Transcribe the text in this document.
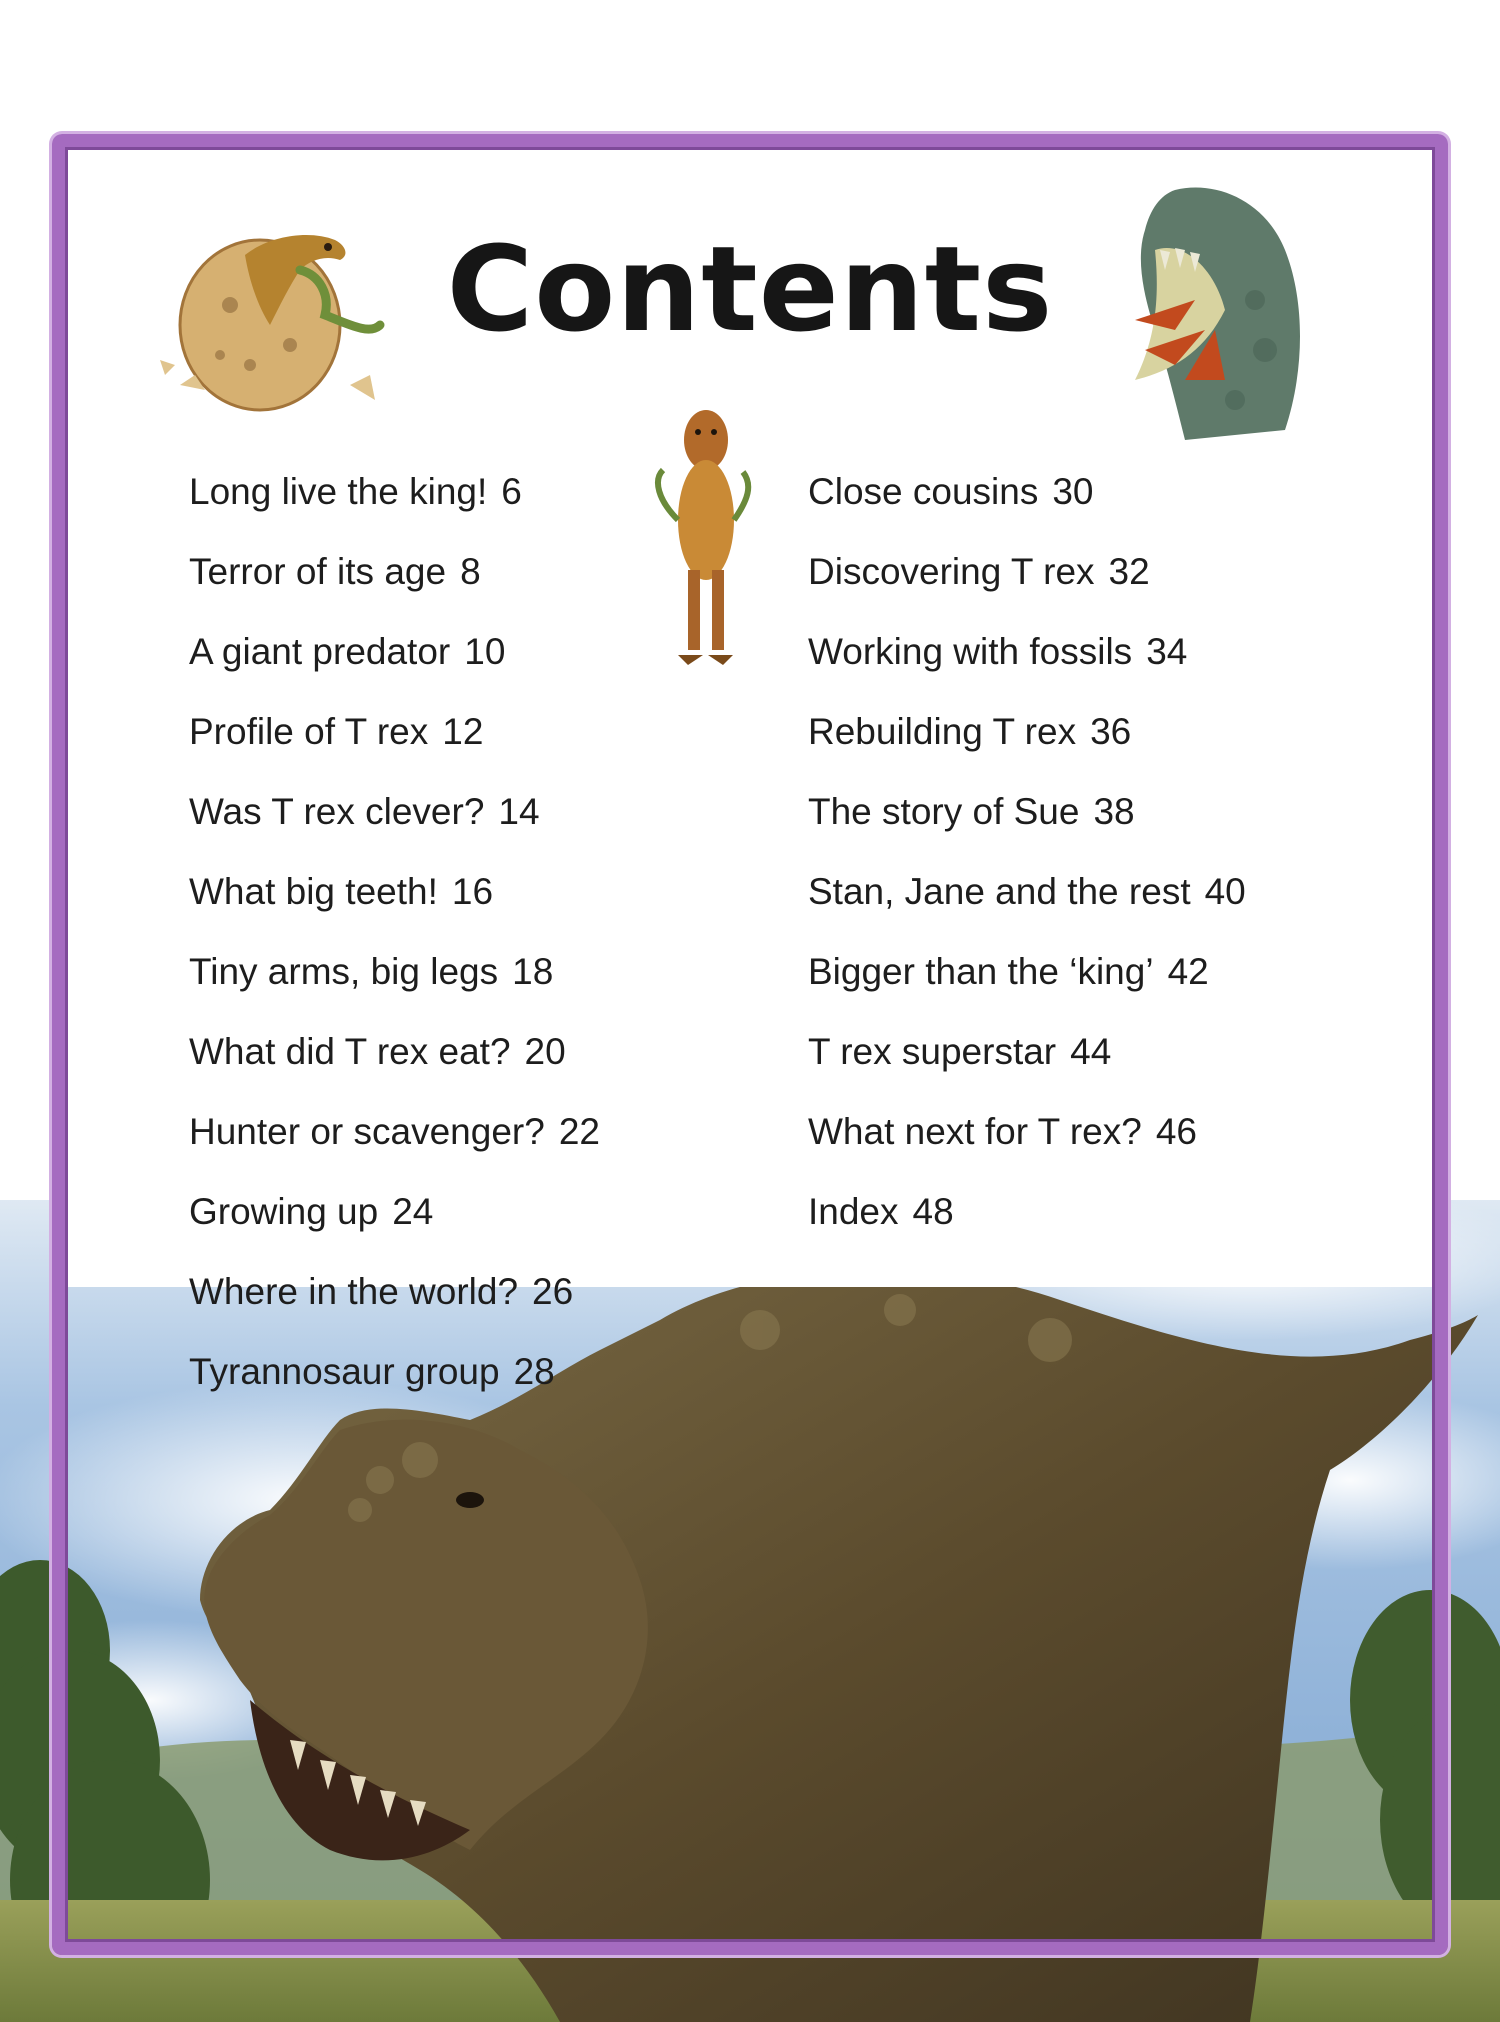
Contents
Long live the king! 6
Terror of its age 8
A giant predator 10
Profile of T rex 12
Was T rex clever? 14
What big teeth! 16
Tiny arms, big legs 18
What did T rex eat? 20
Hunter or scavenger? 22
Growing up 24
Where in the world? 26
Tyrannosaur group 28
Close cousins 30
Discovering T rex 32
Working with fossils 34
Rebuilding T rex 36
The story of Sue 38
Stan, Jane and the rest 40
Bigger than the ‘king’ 42
T rex superstar 44
What next for T rex? 46
Index 48
